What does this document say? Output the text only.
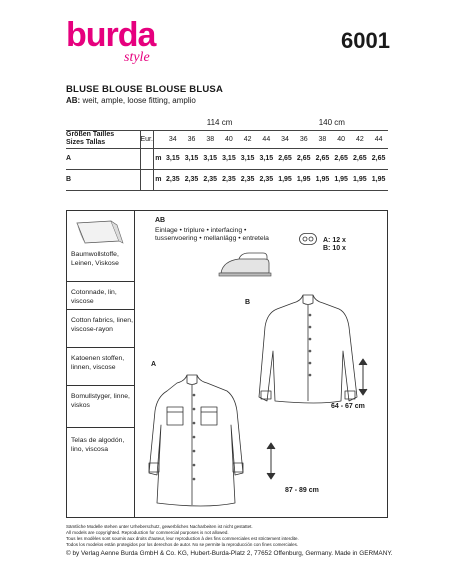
burda
style
6001
BLUSE BLOUSE BLOUSE BLUSA
AB: weit, ample, loose fitting, amplio
			114 cm						140 cm					

Größen Tailles
Sizes Tallas	Eur.		34	36	38	40	42	44	34	36	38	40	42	44
A		m	3,15	3,15	3,15	3,15	3,15	3,15	2,65	2,65	2,65	2,65	2,65	2,65
B		m	2,35	2,35	2,35	2,35	2,35	2,35	1,95	1,95	1,95	1,95	1,95	1,95
Baumwollstoffe, Leinen, Viskose
Cotonnade, lin, viscose
Cotton fabrics, linen, viscose-rayon
Katoenen stoffen, linnen, viscose
Bomullstyger, linne, viskos
Telas de algodón, lino, viscosa
AB
Einlage • triplure • interfacing • tussenvoering • mellanlägg • entretela	A: 12 x
B: 10 x
A
B
64 - 67 cm
87 - 89 cm
Sämtliche Modelle stehen unter Urheberschutz, gewerbliches Nacharbeiten ist nicht gestattet.
All models are copyrighted. Reproduction for commercial purposes is not allowed.
Tous les modèles sont soumis aux droits d'auteur, leur reproduction à des fins commerciales est strictement interdite.
Todos los modelos están protegidos por los derechos de autor. No se permite la reproducción con fines comerciales.
© by Verlag Aenne Burda GmbH & Co. KG, Hubert-Burda-Platz 2, 77652 Offenburg, Germany. Made in GERMANY.
